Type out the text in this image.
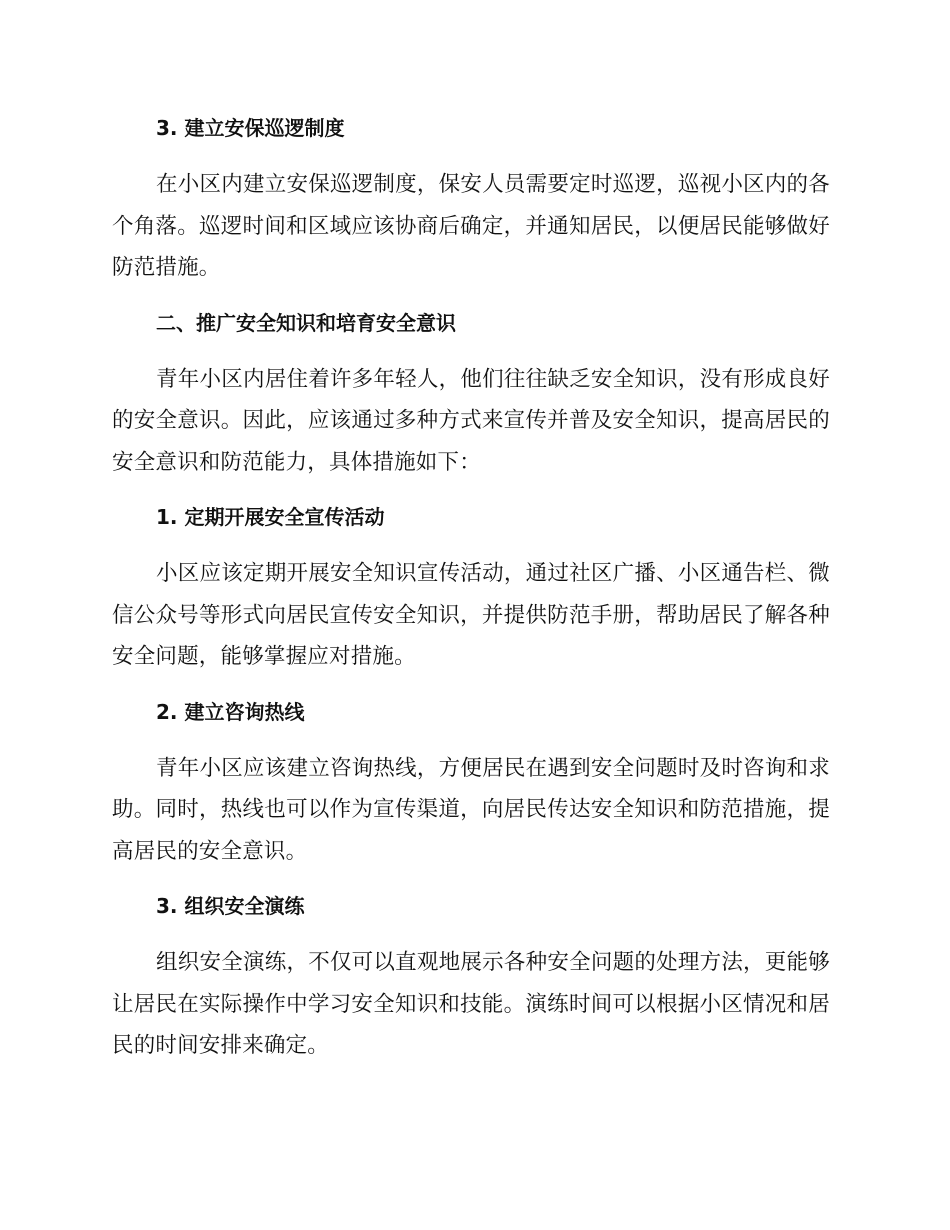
3. 建立安保巡逻制度

在小区内建立安保巡逻制度，保安人员需要定时巡逻，巡视小区内的各个角落。巡逻时间和区域应该协商后确定，并通知居民，以便居民能够做好防范措施。

二、推广安全知识和培育安全意识

青年小区内居住着许多年轻人，他们往往缺乏安全知识，没有形成良好的安全意识。因此，应该通过多种方式来宣传并普及安全知识，提高居民的安全意识和防范能力，具体措施如下：

1. 定期开展安全宣传活动

小区应该定期开展安全知识宣传活动，通过社区广播、小区通告栏、微信公众号等形式向居民宣传安全知识，并提供防范手册，帮助居民了解各种安全问题，能够掌握应对措施。

2. 建立咨询热线

青年小区应该建立咨询热线，方便居民在遇到安全问题时及时咨询和求助。同时，热线也可以作为宣传渠道，向居民传达安全知识和防范措施，提高居民的安全意识。

3. 组织安全演练

组织安全演练，不仅可以直观地展示各种安全问题的处理方法，更能够让居民在实际操作中学习安全知识和技能。演练时间可以根据小区情况和居民的时间安排来确定。
